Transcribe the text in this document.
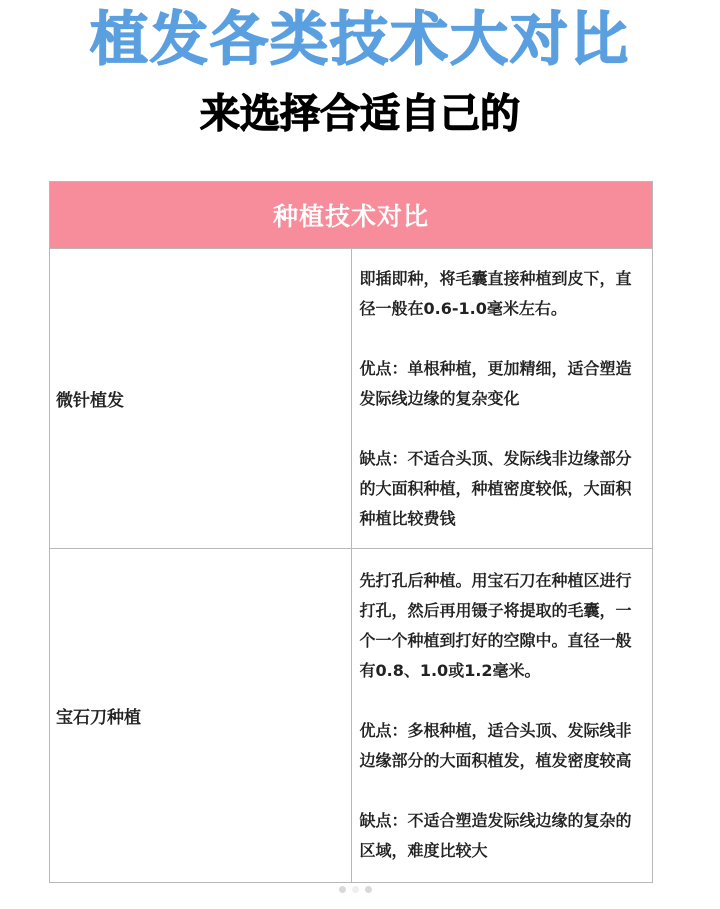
植发各类技术大对比
来选择合适自己的
种植技术对比	
微针植发	即插即种，将毛囊直接种植到皮下，直径一般在0.6-1.0毫米左右。

优点：单根种植，更加精细，适合塑造发际线边缘的复杂变化

缺点：不适合头顶、发际线非边缘部分的大面积种植，种植密度较低，大面积种植比较费钱

宝石刀种植	先打孔后种植。用宝石刀在种植区进行打孔，然后再用镊子将提取的毛囊，一个一个种植到打好的空隙中。直径一般有0.8、1.0或1.2毫米。

优点：多根种植，适合头顶、发际线非边缘部分的大面积植发，植发密度较高

缺点：不适合塑造发际线边缘的复杂的区域，难度比较大
